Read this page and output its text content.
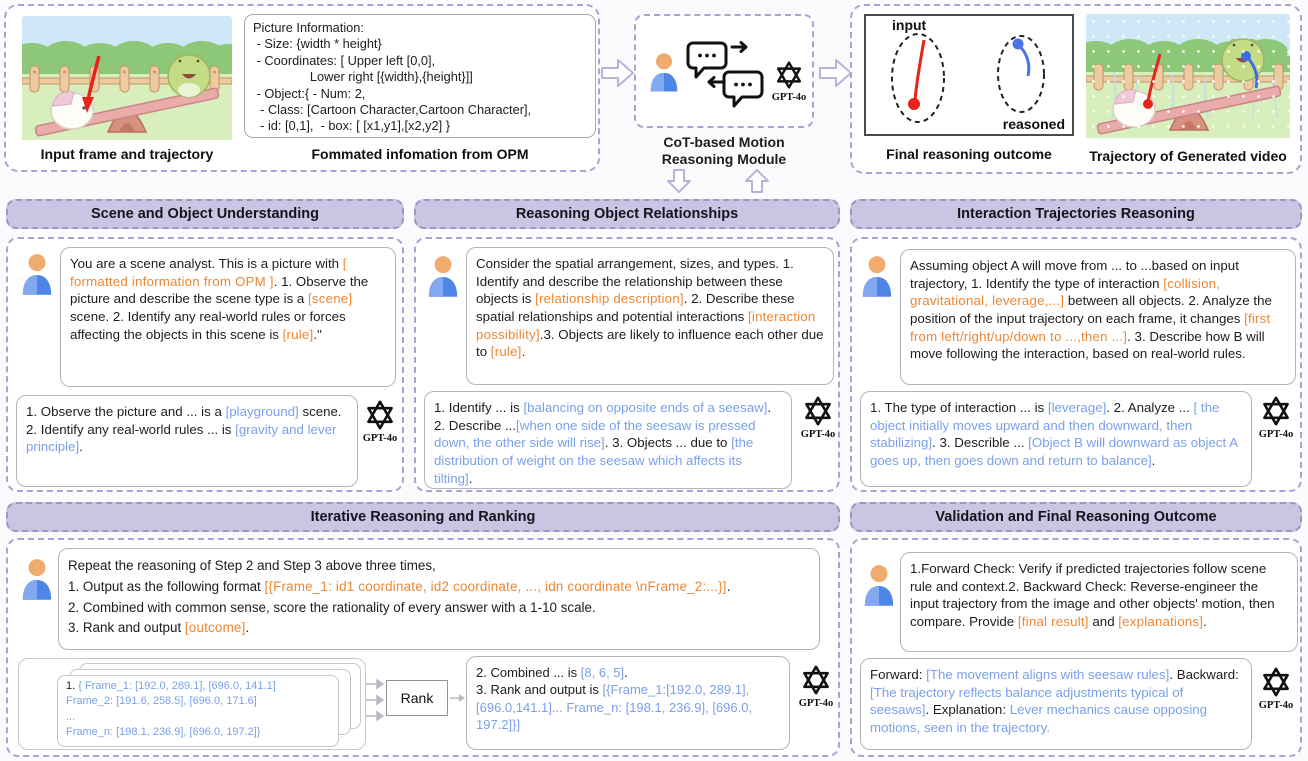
Input frame and trajectory
Picture Information:
- Size: {width * height}
- Coordinates: [ Upper left [0,0],
Lower right [{width},{height}]]
- Object:{ - Num: 2,
- Class: [Cartoon Character,Cartoon Character],
- id: [0,1],  - box: [ [x1,y1],[x2,y2] }
Fommated infomation from OPM
GPT-4o
CoT-based Motion
Reasoning Module
input
reasoned
Final reasoning outcome	Trajectory of Generated video
Scene and Object Understanding	Reasoning Object Relationships	Interaction Trajectories Reasoning
You are a scene analyst. This is a picture with [ formatted information from OPM ]. 1. Observe the picture and describe the scene type is a [scene] scene. 2. Identify any real-world rules or forces affecting the objects in this scene is [rule]."
1. Observe the picture and ... is a [playground] scene. 2. Identify any real-world rules ... is [gravity and lever principle].
GPT-4o
Consider the spatial arrangement, sizes, and types. 1. Identify and describe the relationship between these objects is [relationship description]. 2. Describe these spatial relationships and potential interactions [interaction possibility].3. Objects are likely to influence each other due to [rule].
1. Identify ... is [balancing on opposite ends of a seesaw]. 2. Describe ...[when one side of the seesaw is pressed down, the other side will rise]. 3. Objects ... due to [the distribution of weight on the seesaw which affects its tilting].
GPT-4o
Assuming object A will move from ... to ...based on input trajectory, 1. Identify the type of interaction [collision, gravitational, leverage,...] between all objects. 2. Analyze the position of the input trajectory on each frame, it changes [first from left/right/up/down to ...,then ...]. 3. Describe how B will move following the interaction, based on real-world rules.
1. The type of interaction ... is [leverage]. 2. Analyze ... [ the object initially moves upward and then downward, then stabilizing]. 3. Describle ... [Object B will downward as object A goes up, then goes down and return to balance].
GPT-4o
Iterative Reasoning and Ranking	Validation and Final Reasoning Outcome
Repeat the reasoning of Step 2 and Step 3 above three times,
1. Output as the following format [{Frame_1: id1 coordinate, id2 coordinate, ..., idn coordinate \nFrame_2:...}].
2. Combined with common sense, score the rationality of every answer with a 1-10 scale.
3. Rank and output [outcome].
1. { Frame_1: [192.0, 289.1], [696.0, 141.1]
Frame_2: [191.6, 258.5], [696.0, 171.6]
...
Frame_n: [198.1, 236.9], [696.0, 197.2]}
Rank
2. Combined ... is [8, 6, 5].
3. Rank and output is [{Frame_1:[192.0, 289.1], [696.0,141.1]... Frame_n: [198.1, 236.9], [696.0, 197.2]}]
GPT-4o
1.Forward Check: Verify if predicted trajectories follow scene rule and context.2. Backward Check: Reverse-engineer the input trajectory from the image and other objects' motion, then compare. Provide [final result] and [explanations].
Forward: [The movement aligns with seesaw rules]. Backward:[The trajectory reflects balance adjustments typical of seesaws]. Explanation: Lever mechanics cause opposing motions, seen in the trajectory.
GPT-4o
